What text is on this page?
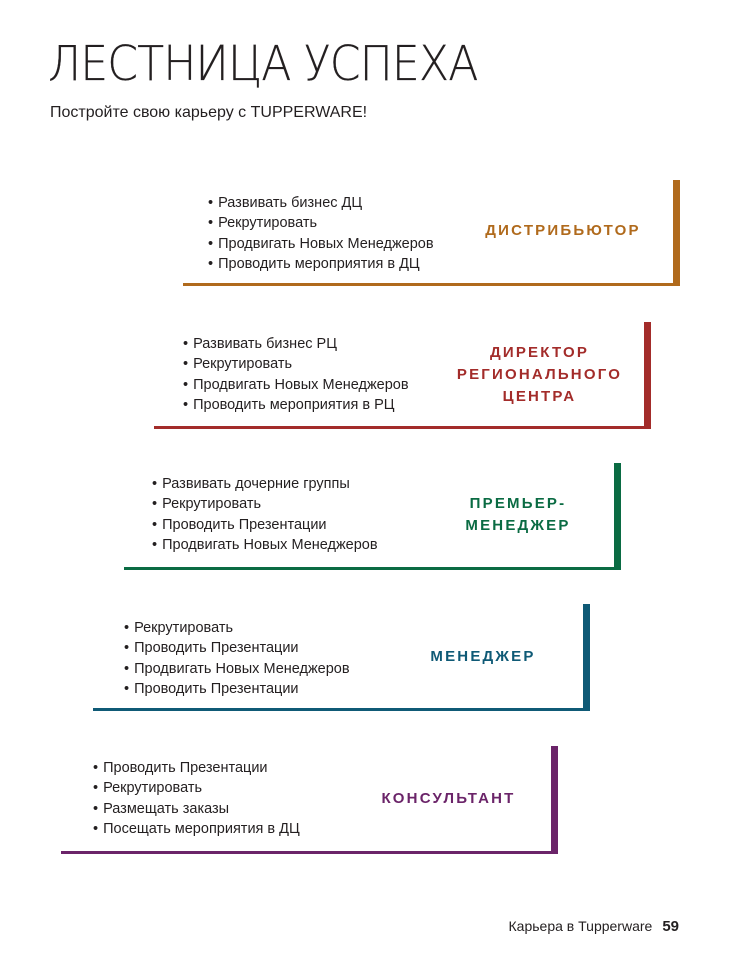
ЛЕСТНИЦА УСПЕХА

Постройте свою карьеру с TUPPERWARE!

• Развивать бизнес ДЦ
• Рекрутировать
• Продвигать Новых Менеджеров
• Проводить мероприятия в ДЦ
ДИСТРИБЬЮТОР
• Развивать бизнес РЦ
• Рекрутировать
• Продвигать Новых Менеджеров
• Проводить мероприятия в РЦ
ДИРЕКТОР РЕГИОНАЛЬНОГО ЦЕНТРА
• Развивать дочерние группы
• Рекрутировать
• Проводить Презентации
• Продвигать Новых Менеджеров
ПРЕМЬЕР-МЕНЕДЖЕР
• Рекрутировать
• Проводить Презентации
• Продвигать Новых Менеджеров
• Проводить Презентации
МЕНЕДЖЕР
• Проводить Презентации
• Рекрутировать
• Размещать заказы
• Посещать мероприятия в ДЦ
КОНСУЛЬТАНТ
Карьера в Tupperware 59
